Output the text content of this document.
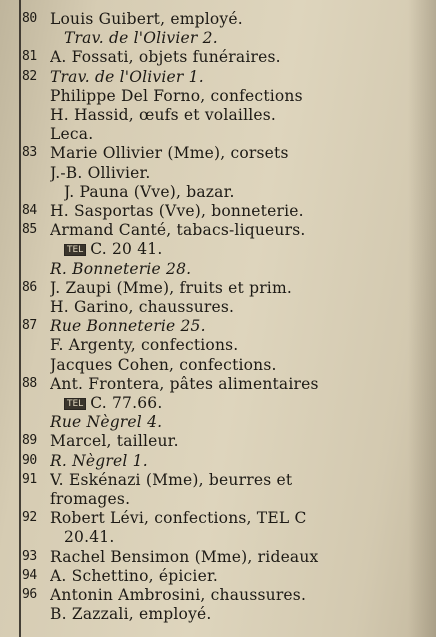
80 Louis Guibert, employé.
Trav. de l'Olivier 2.
81 A. Fossati, objets funéraires.
82 Trav. de l'Olivier 1.
Philippe Del Forno, confections
H. Hassid, œufs et volailles.
Leca.
83 Marie Ollivier (Mme), corsets
J.-B. Ollivier.
J. Pauna (Vve), bazar.
84 H. Sasportas (Vve), bonneterie.
85 Armand Canté, tabacs-liqueurs.
TEL C. 20 41.
R. Bonneterie 28.
86 J. Zaupi (Mme), fruits et prim.
H. Garino, chaussures.
87 Rue Bonneterie 25.
F. Argenty, confections.
Jacques Cohen, confections.
88 Ant. Frontera, pâtes alimentaires
TEL C. 77.66.
Rue Nègrel 4.
89 Marcel, tailleur.
90 R. Nègrel 1.
91 V. Eskénazi (Mme), beurres et
fromages.
92 Robert Lévi, confections, TEL C
20.41.
93 Rachel Bensimon (Mme), rideaux
94 A. Schettino, épicier.
96 Antonin Ambrosini, chaussures.
B. Zazzali, employé.
